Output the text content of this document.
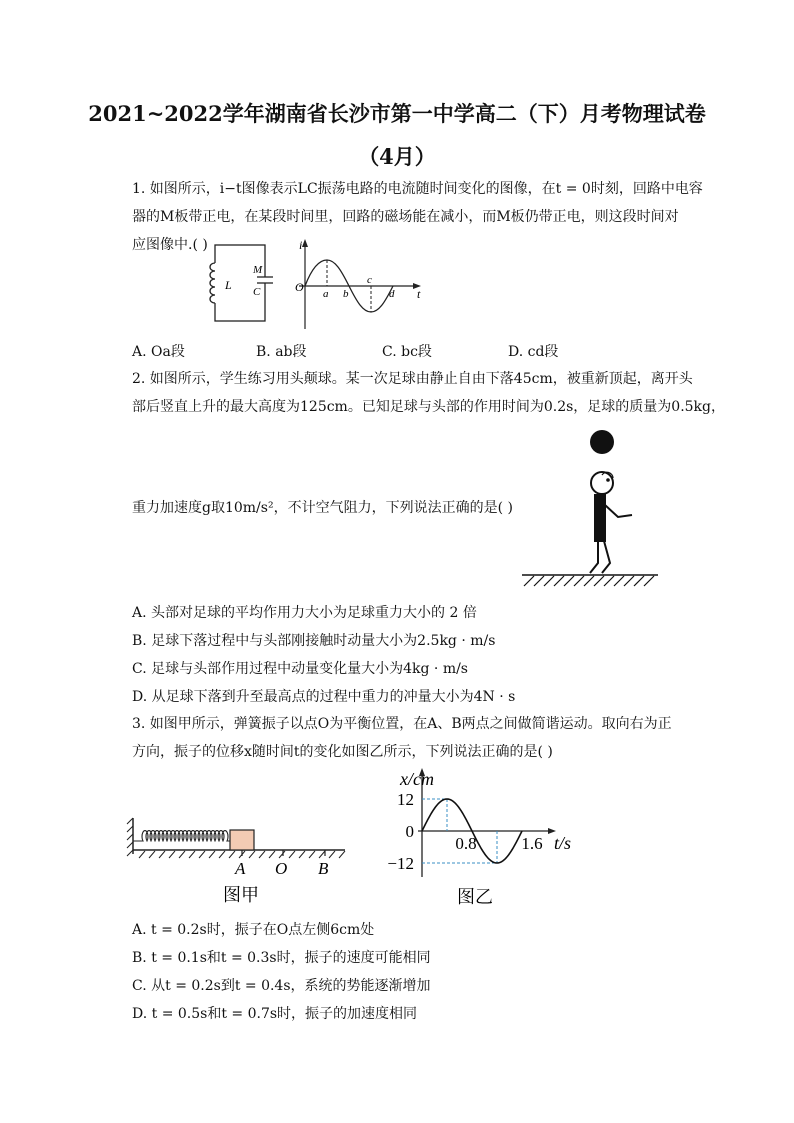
2021~2022学年湖南省长沙市第一中学高二（下）月考物理试卷
（4月）
1. 如图所示，i−t图像表示LC振荡电路的电流随时间变化的图像，在t = 0时刻，回路中电容
器的M板带正电，在某段时间里，回路的磁场能在减小，而M板仍带正电，则这段时间对
应图像中.( )
L
M
C
i
t
O a b
c
d
A. Oa段	B. ab段	C. bc段	D. cd段
2. 如图所示，学生练习用头颠球。某一次足球由静止自由下落45cm，被重新顶起，离开头
部后竖直上升的最大高度为125cm。已知足球与头部的作用时间为0.2s，足球的质量为0.5kg，
重力加速度g取10m/s²，不计空气阻力，下列说法正确的是( )
A. 头部对足球的平均作用力大小为足球重力大小的 2 倍
B. 足球下落过程中与头部刚接触时动量大小为2.5kg · m/s
C. 足球与头部作用过程中动量变化量大小为4kg · m/s
D. 从足球下落到升至最高点的过程中重力的冲量大小为4N · s
3. 如图甲所示，弹簧振子以点O为平衡位置，在A、B两点之间做简谐运动。取向右为正
方向，振子的位移x随时间t的变化如图乙所示，下列说法正确的是( )
A O B
图甲
x/cm
t/s
12
0
−12
0.8	1.6
图乙
A. t = 0.2s时，振子在O点左侧6cm处
B. t = 0.1s和t = 0.3s时，振子的速度可能相同
C. 从t = 0.2s到t = 0.4s，系统的势能逐渐增加
D. t = 0.5s和t = 0.7s时，振子的加速度相同
